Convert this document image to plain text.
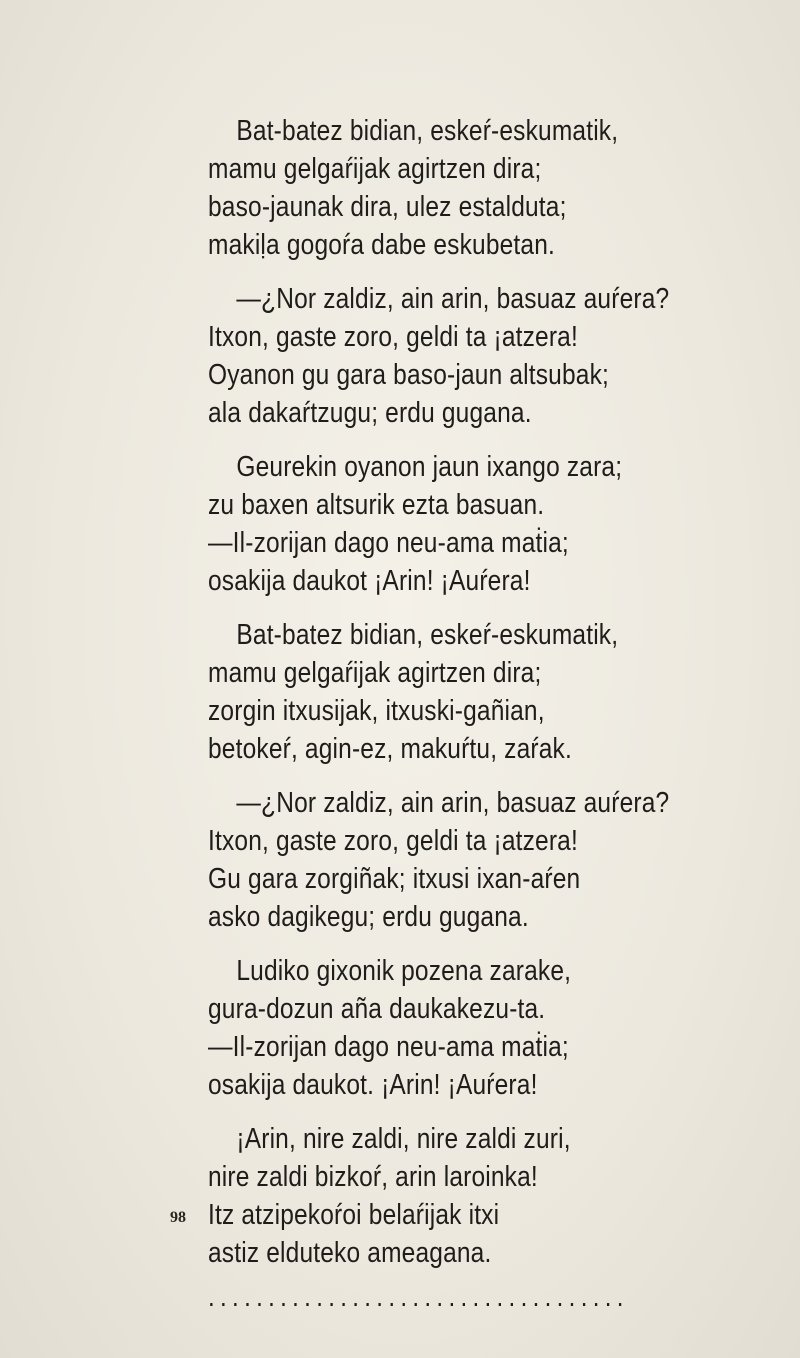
Bat-batez bidian, eskeŕ-eskumatik,
mamu gelgaŕijak agirtzen dira;
baso-jaunak dira, ulez estalduta;
makiḷa gogoŕa dabe eskubetan.
—¿Nor zaldiz, ain arin, basuaz auŕera?
Itxon, gaste zoro, geldi ta ¡atzera!
Oyanon gu gara baso-jaun altsubak;
ala dakaŕtzugu; erdu gugana.
Geurekin oyanon jaun ixango zara;
zu baxen altsurik ezta basuan.
—Il-zorijan dago neu-ama maṫia;
osakija daukot ¡Arin! ¡Auŕera!
Bat-batez bidian, eskeŕ-eskumatik,
mamu gelgaŕijak agirtzen dira;
zorgin itxusijak, itxuski-gañian,
betokeŕ, agin-ez, makuŕtu, zaŕak.
—¿Nor zaldiz, ain arin, basuaz auŕera?
Itxon, gaste zoro, geldi ta ¡atzera!
Gu gara zorgiñak; itxusi ixan-aŕen
asko dagikegu; erdu gugana.
Ludiko gixonik pozena zarake,
gura-dozun aña daukakezu-ta.
—Il-zorijan dago neu-ama maṫia;
osakija daukot. ¡Arin! ¡Auŕera!
¡Arin, nire zaldi, nire zaldi zuri,
nire zaldi bizkoŕ, arin laroinka!
Itz atzipekoŕoi belaŕijak itxi
astiz elduteko ameagana.
...................................
98
